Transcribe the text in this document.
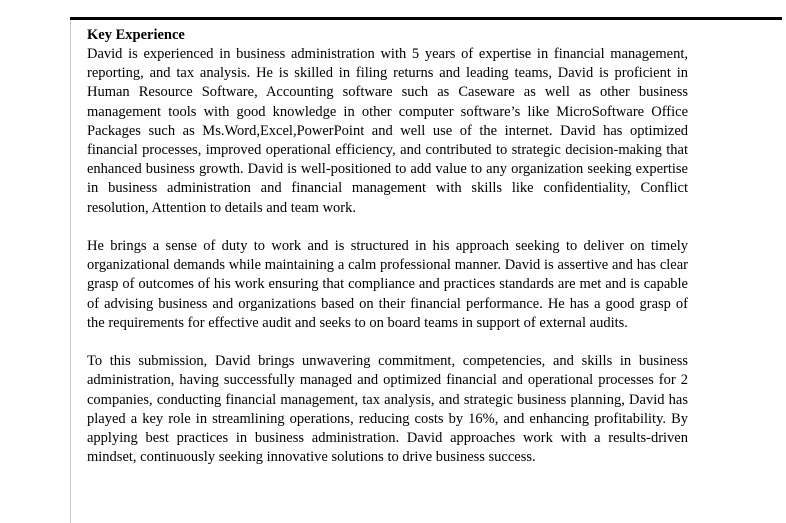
Key Experience

David is experienced in business administration with 5 years of expertise in financial management, reporting, and tax analysis. He is skilled in filing returns and leading teams, David is proficient in Human Resource Software, Accounting software such as Caseware as well as other business management tools with good knowledge in other computer software’s like MicroSoftware Office Packages such as Ms.Word,Excel,PowerPoint and well use of the internet. David has optimized financial processes, improved operational efficiency, and contributed to strategic decision-making that enhanced business growth. David is well-positioned to add value to any organization seeking expertise in business administration and financial management with skills like confidentiality, Conflict resolution, Attention to details and team work.

He brings a sense of duty to work and is structured in his approach seeking to deliver on timely organizational demands while maintaining a calm professional manner. David is assertive and has clear grasp of outcomes of his work ensuring that compliance and practices standards are met and is capable of advising business and organizations based on their financial performance. He has a good grasp of the requirements for effective audit and seeks to on board teams in support of external audits.

To this submission, David brings unwavering commitment, competencies, and skills in business administration, having successfully managed and optimized financial and operational processes for 2 companies, conducting financial management, tax analysis, and strategic business planning, David has played a key role in streamlining operations, reducing costs by 16%, and enhancing profitability. By applying best practices in business administration. David approaches work with a results-driven mindset, continuously seeking innovative solutions to drive business success.
